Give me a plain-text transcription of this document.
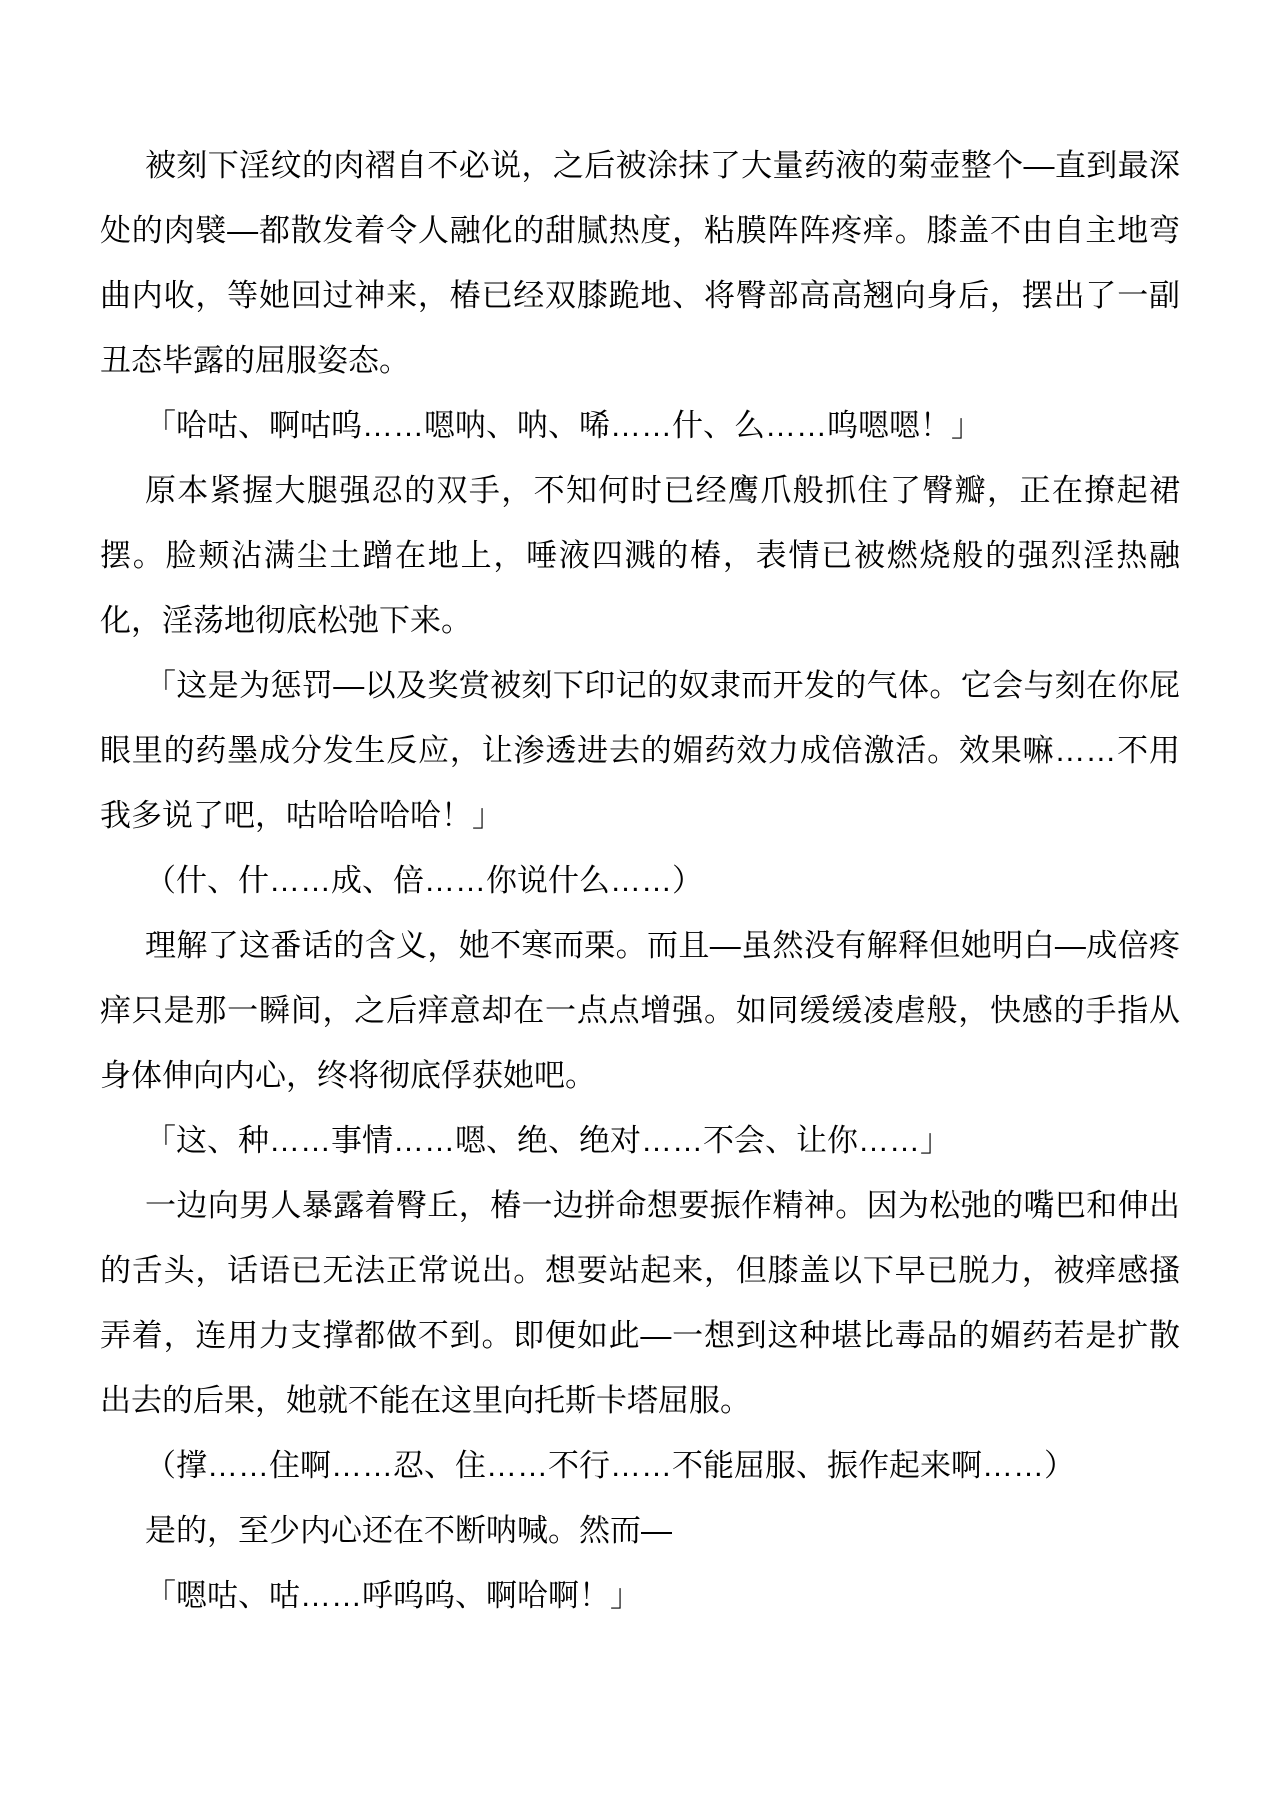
被刻下淫纹的肉褶自不必说，之后被涂抹了大量药液的菊壶整个—直到最深处的肉襞—都散发着令人融化的甜腻热度，粘膜阵阵疼痒。膝盖不由自主地弯曲内收，等她回过神来，椿已经双膝跪地、将臀部高高翘向身后，摆出了一副丑态毕露的屈服姿态。

「哈咕、啊咕呜……嗯呐、呐、唏……什、么……呜嗯嗯！」

原本紧握大腿强忍的双手，不知何时已经鹰爪般抓住了臀瓣，正在撩起裙摆。脸颊沾满尘土蹭在地上，唾液四溅的椿，表情已被燃烧般的强烈淫热融化，淫荡地彻底松弛下来。

「这是为惩罚—以及奖赏被刻下印记的奴隶而开发的气体。它会与刻在你屁眼里的药墨成分发生反应，让渗透进去的媚药效力成倍激活。效果嘛……不用我多说了吧，咕哈哈哈哈！」

（什、什……成、倍……你说什么……）

理解了这番话的含义，她不寒而栗。而且—虽然没有解释但她明白—成倍疼痒只是那一瞬间，之后痒意却在一点点增强。如同缓缓凌虐般，快感的手指从身体伸向内心，终将彻底俘获她吧。

「这、种……事情……嗯、绝、绝对……不会、让你……」

一边向男人暴露着臀丘，椿一边拼命想要振作精神。因为松弛的嘴巴和伸出的舌头，话语已无法正常说出。想要站起来，但膝盖以下早已脱力，被痒感搔弄着，连用力支撑都做不到。即便如此—一想到这种堪比毒品的媚药若是扩散出去的后果，她就不能在这里向托斯卡塔屈服。

（撑……住啊……忍、住……不行……不能屈服、振作起来啊……）

是的，至少内心还在不断呐喊。然而—

「嗯咕、咕……呼呜呜、啊哈啊！」
